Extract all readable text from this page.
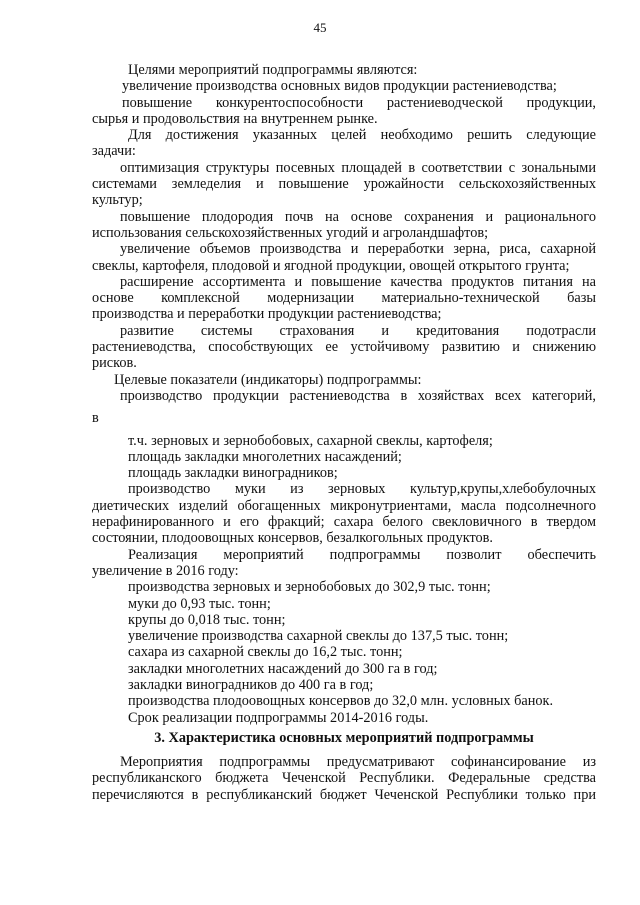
45
Целями мероприятий подпрограммы являются:
увеличение производства основных видов продукции растениеводства;
повышение конкурентоспособности растениеводческой продукции,
сырья и продовольствия на внутреннем рынке.
Для достижения указанных целей необходимо решить следующие
задачи:
оптимизация структуры посевных площадей в соответствии с зональными
системами земледелия и повышение урожайности сельскохозяйственных
культур;
повышение плодородия почв на основе сохранения и рационального
использования сельскохозяйственных угодий и агроландшафтов;
увеличение объемов производства и переработки зерна, риса, сахарной
свеклы, картофеля, плодовой и ягодной продукции, овощей открытого грунта;
расширение ассортимента и повышение качества продуктов питания на
основе комплексной модернизации материально-технической базы
производства и переработки продукции растениеводства;
развитие системы страхования и кредитования подотрасли
растениеводства, способствующих ее устойчивому развитию и снижению
рисков.
Целевые показатели (индикаторы) подпрограммы:
производство продукции растениеводства в хозяйствах всех категорий,
в
т.ч. зерновых и зернобобовых, сахарной свеклы, картофеля;
площадь закладки многолетних насаждений;
площадь закладки виноградников;
производство муки из зерновых культур,крупы,хлебобулочных
диетических изделий обогащенных микронутриентами, масла подсолнечного
нерафинированного и его фракций; сахара белого свекловичного в твердом
состоянии, плодоовощных консервов, безалкогольных продуктов.
Реализация мероприятий подпрограммы позволит обеспечить
увеличение в 2016 году:
производства зерновых и зернобобовых до 302,9 тыс. тонн;
муки до 0,93 тыс. тонн;
крупы до 0,018 тыс. тонн;
увеличение производства сахарной свеклы до 137,5 тыс. тонн;
сахара из сахарной свеклы до 16,2 тыс. тонн;
закладки многолетних насаждений до 300 га в год;
закладки виноградников до 400 га в год;
производства плодоовощных консервов до 32,0 млн. условных банок.
Срок реализации подпрограммы 2014-2016 годы.
3. Характеристика основных мероприятий подпрограммы
Мероприятия подпрограммы предусматривают софинансирование из
республиканского бюджета Чеченской Республики. Федеральные средства
перечисляются в республиканский бюджет Чеченской Республики только при
